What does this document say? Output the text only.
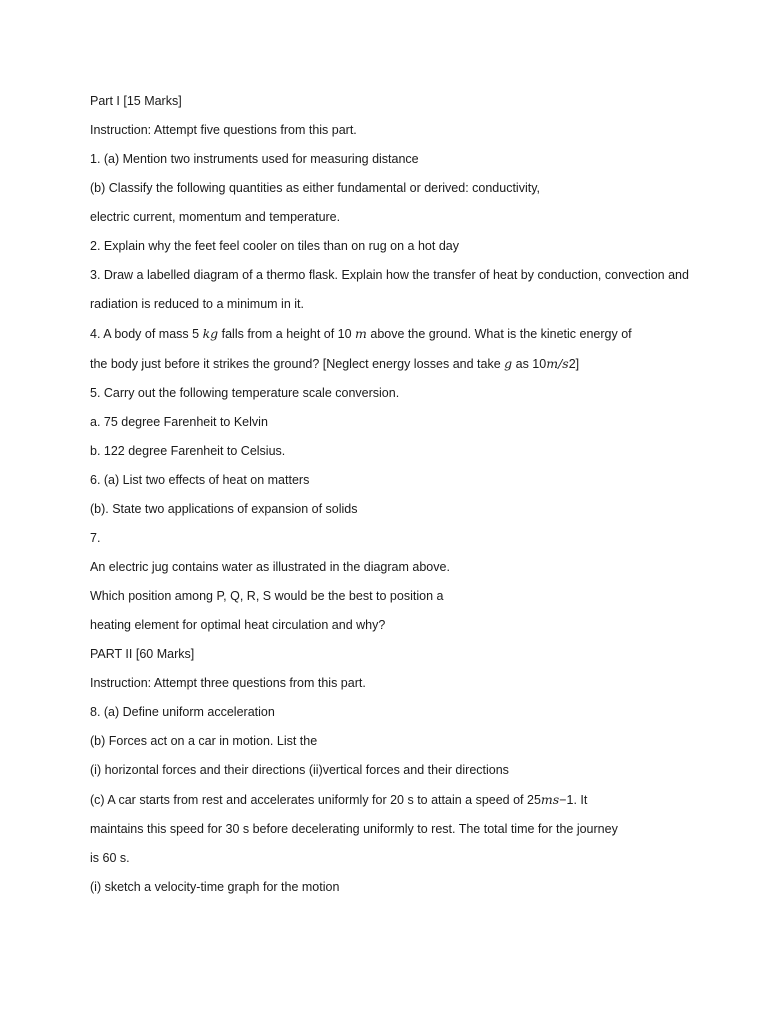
Part I [15 Marks]

Instruction: Attempt five questions from this part.

1. (a) Mention two instruments used for measuring distance

(b) Classify the following quantities as either fundamental or derived: conductivity,

electric current, momentum and temperature.

2. Explain why the feet feel cooler on tiles than on rug on a hot day

3. Draw a labelled diagram of a thermo flask. Explain how the transfer of heat by conduction, convection and

radiation is reduced to a minimum in it.

4. A body of mass 5 kg falls from a height of 10 m above the ground. What is the kinetic energy of

the body just before it strikes the ground? [Neglect energy losses and take g as 10m/s2]

5. Carry out the following temperature scale conversion.

a. 75 degree Farenheit to Kelvin

b. 122 degree Farenheit to Celsius.

6. (a) List two effects of heat on matters

(b). State two applications of expansion of solids

7.

An electric jug contains water as illustrated in the diagram above.

Which position among P, Q, R, S would be the best to position a

heating element for optimal heat circulation and why?

PART II [60 Marks]

Instruction: Attempt three questions from this part.

8. (a) Define uniform acceleration

(b) Forces act on a car in motion. List the

(i) horizontal forces and their directions (ii)vertical forces and their directions

(c) A car starts from rest and accelerates uniformly for 20 s to attain a speed of 25ms−1. It

maintains this speed for 30 s before decelerating uniformly to rest. The total time for the journey

is 60 s.

(i) sketch a velocity-time graph for the motion
